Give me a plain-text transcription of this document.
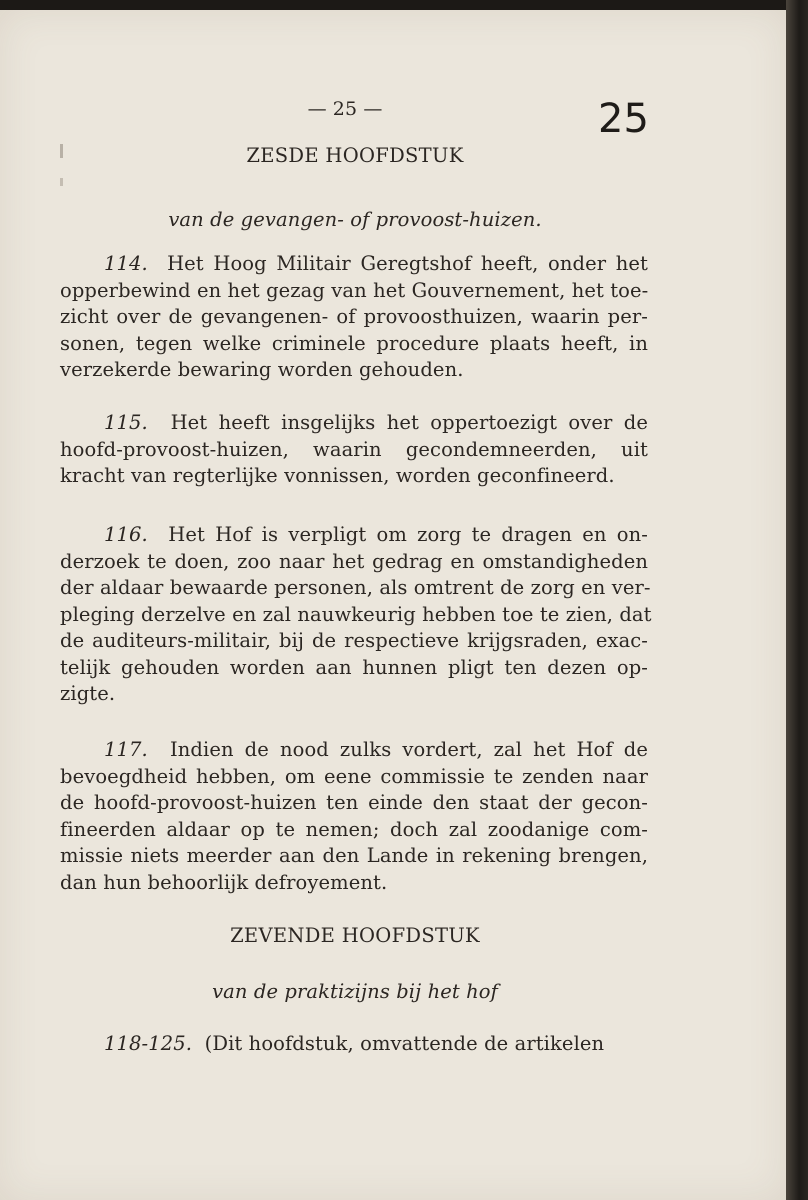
— 25 —	25
ZESDE HOOFDSTUK
van de gevangen- of provoost-huizen.
114. Het Hoog Militair Geregtshof heeft, onder het
opperbewind en het gezag van het Gouvernement, het toe-
zicht over de gevangenen- of provoosthuizen, waarin per-
sonen, tegen welke criminele procedure plaats heeft, in
verzekerde bewaring worden gehouden.
115. Het heeft insgelijks het oppertoezigt over de
hoofd-provoost-huizen, waarin gecondemneerden, uit
kracht van regterlijke vonnissen, worden geconfineerd.
116. Het Hof is verpligt om zorg te dragen en on-
derzoek te doen, zoo naar het gedrag en omstandigheden
der aldaar bewaarde personen, als omtrent de zorg en ver-
pleging derzelve en zal nauwkeurig hebben toe te zien, dat
de auditeurs-militair, bij de respectieve krijgsraden, exac-
telijk gehouden worden aan hunnen pligt ten dezen op-
zigte.
117. Indien de nood zulks vordert, zal het Hof de
bevoegdheid hebben, om eene commissie te zenden naar
de hoofd-provoost-huizen ten einde den staat der gecon-
fineerden aldaar op te nemen; doch zal zoodanige com-
missie niets meerder aan den Lande in rekening brengen,
dan hun behoorlijk defroyement.
ZEVENDE HOOFDSTUK
van de praktizijns bij het hof
118-125. (Dit hoofdstuk, omvattende de artikelen
